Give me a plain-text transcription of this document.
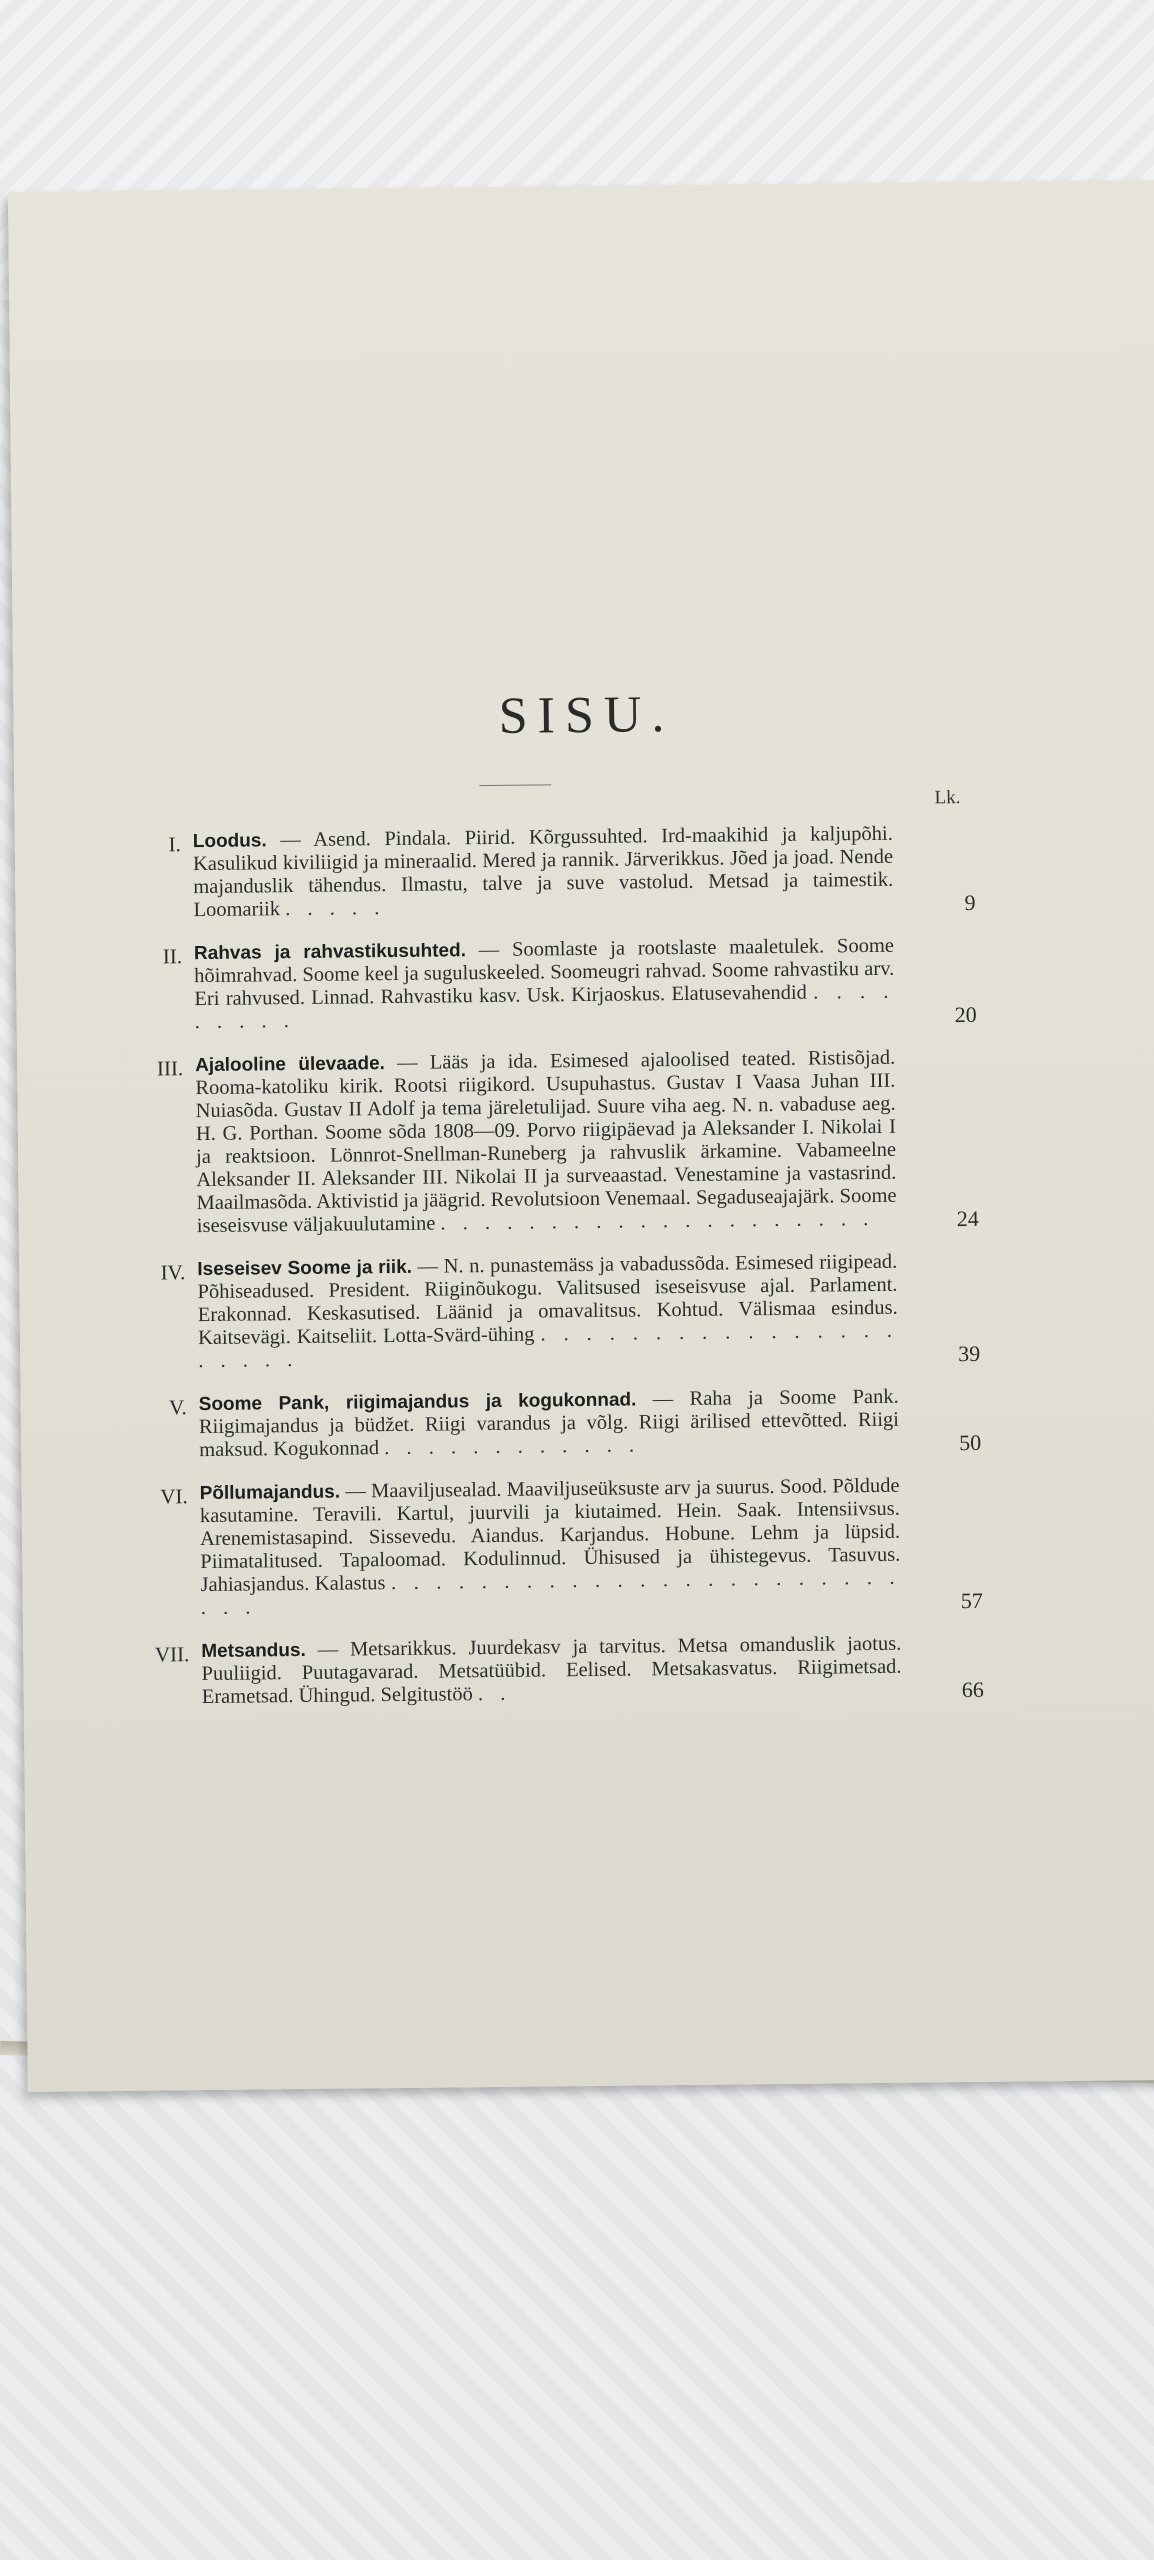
SISU.
Lk.
I. Loodus. — Asend. Pindala. Piirid. Kõrgussuhted. Ird-maakihid ja kaljupõhi. Kasulikud kiviliigid ja mineraalid. Mered ja rannik. Järverikkus. Jõed ja joad. Nende majanduslik tähendus. Ilmastu, talve ja suve vastolud. Metsad ja taimestik. Loomariik . . . . .	9
II. Rahvas ja rahvastikusuhted. — Soomlaste ja rootslaste maaletulek. Soome hõimrahvad. Soome keel ja suguluskeeled. Soomeugri rahvad. Soome rahvastiku arv. Eri rahvused. Linnad. Rahvastiku kasv. Usk. Kirjaoskus. Elatusevahendid . . . . . . . . .	20
III. Ajalooline ülevaade. — Lääs ja ida. Esimesed ajaloolised teated. Ristisõjad. Rooma-katoliku kirik. Rootsi riigikord. Usupuhastus. Gustav I Vaasa Juhan III. Nuiasõda. Gustav II Adolf ja tema järeletulijad. Suure viha aeg. N. n. vabaduse aeg. H. G. Porthan. Soome sõda 1808—09. Porvo riigipäevad ja Aleksander I. Nikolai I ja reaktsioon. Lönnrot-Snellman-Runeberg ja rahvuslik ärkamine. Vabameelne Aleksander II. Aleksander III. Nikolai II ja surveaastad. Venestamine ja vastasrind. Maailmasõda. Aktivistid ja jäägrid. Revolutsioon Venemaal. Segaduseajajärk. Soome iseseisvuse väljakuulutamine . . . . . . . . . . . . . . . . . . . .	24
IV. Iseseisev Soome ja riik. — N. n. punastemäss ja vabadussõda. Esimesed riigipead. Põhiseadused. President. Riiginõukogu. Valitsused iseseisvuse ajal. Parlament. Erakonnad. Keskasutised. Läänid ja omavalitsus. Kohtud. Välismaa esindus. Kaitsevägi. Kaitseliit. Lotta-Svärd-ühing . . . . . . . . . . . . . . . . . . . . .	39
V. Soome Pank, riigimajandus ja kogukonnad. — Raha ja Soome Pank. Riigimajandus ja büdžet. Riigi varandus ja võlg. Riigi ärilised ettevõtted. Riigi maksud. Kogukonnad . . . . . . . . . . . .	50
VI. Põllumajandus. — Maaviljusealad. Maaviljuseüksuste arv ja suurus. Sood. Põldude kasutamine. Teravili. Kartul, juurvili ja kiutaimed. Hein. Saak. Intensiivsus. Arenemistasapind. Sissevedu. Aiandus. Karjandus. Hobune. Lehm ja lüpsid. Piimatalitused. Tapaloomad. Kodulinnud. Ühisused ja ühistegevus. Tasuvus. Jahiasjandus. Kalastus . . . . . . . . . . . . . . . . . . . . . . . . . .	57
VII. Metsandus. — Metsarikkus. Juurdekasv ja tarvitus. Metsa omanduslik jaotus. Puuliigid. Puutagavarad. Metsatüübid. Eelised. Metsakasvatus. Riigimetsad. Erametsad. Ühingud. Selgitustöö . .	66
